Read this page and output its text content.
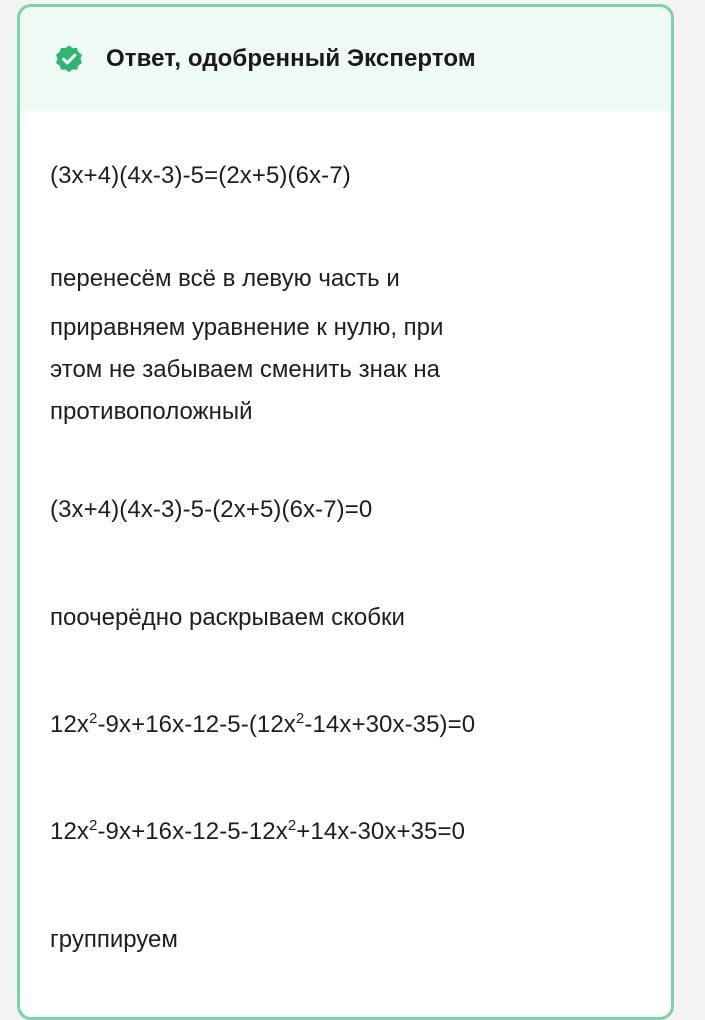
Ответ, одобренный Экспертом
(3x+4)(4x-3)-5=(2x+5)(6x-7)
перенесём всё в левую часть и
приравняем уравнение к нулю, при
этом не забываем сменить знак на
противоположный
(3x+4)(4x-3)-5-(2x+5)(6x-7)=0
поочерёдно раскрываем скобки
$12x^2-9x+16x-12-5-(12x^2-14x+30x-35)=0$
$12x^2-9x+16x-12-5-12x^2+14x-30x+35=0$
группируем
